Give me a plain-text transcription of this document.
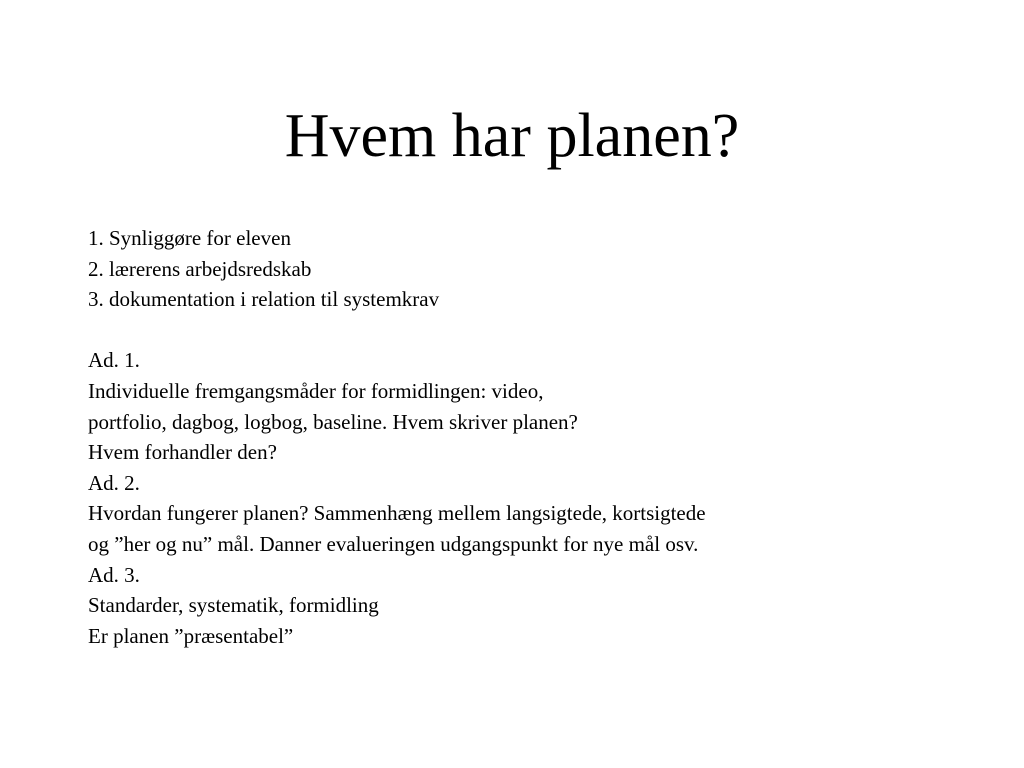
Hvem har planen?
1. Synliggøre for eleven
2. lærerens arbejdsredskab
3. dokumentation i relation til systemkrav
Ad. 1.
Individuelle fremgangsmåder for formidlingen: video,
portfolio, dagbog, logbog, baseline. Hvem skriver planen?
Hvem forhandler den?
Ad. 2.
Hvordan fungerer planen? Sammenhæng mellem langsigtede, kortsigtede
og ”her og nu” mål. Danner evalueringen udgangspunkt for nye mål osv.
Ad. 3.
Standarder, systematik, formidling
Er planen ”præsentabel”
